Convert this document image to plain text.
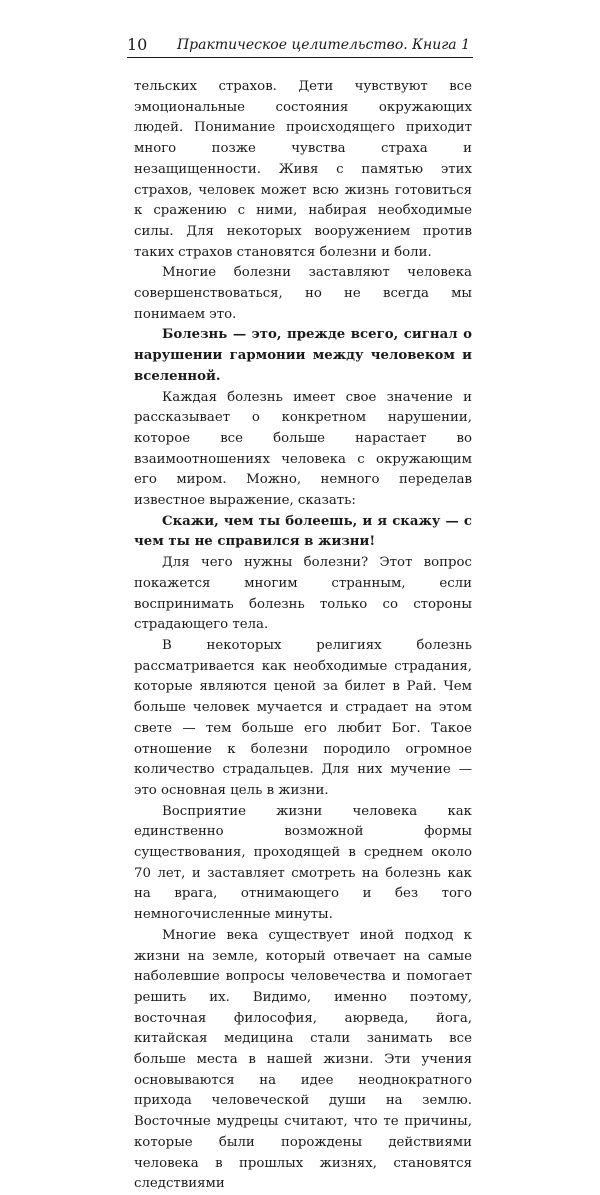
10 Практическое целительство. Книга 1

тельских страхов. Дети чувствуют все эмоциональные состояния окружающих людей. Понимание происходящего приходит много позже чувства страха и незащищенности. Живя с памятью этих страхов, человек может всю жизнь готовиться к сражению с ними, набирая необходимые силы. Для некоторых вооружением против таких страхов становятся болезни и боли.

Многие болезни заставляют человека совершенствоваться, но не всегда мы понимаем это.

Болезнь — это, прежде всего, сигнал о нарушении гармонии между человеком и вселенной.

Каждая болезнь имеет свое значение и рассказывает о конкретном нарушении, которое все больше нарастает во взаимоотношениях человека с окружающим его миром. Можно, немного переделав известное выражение, сказать:

Скажи, чем ты болеешь, и я скажу — с чем ты не справился в жизни!

Для чего нужны болезни? Этот вопрос покажется многим странным, если воспринимать болезнь только со стороны страдающего тела.

В некоторых религиях болезнь рассматривается как необходимые страдания, которые являются ценой за билет в Рай. Чем больше человек мучается и страдает на этом свете — тем больше его любит Бог. Такое отношение к болезни породило огромное количество страдальцев. Для них мучение — это основная цель в жизни.

Восприятие жизни человека как единственно возможной формы существования, проходящей в среднем около 70 лет, и заставляет смотреть на болезнь как на врага, отнимающего и без того немногочисленные минуты.

Многие века существует иной подход к жизни на земле, который отвечает на самые наболевшие вопросы человечества и помогает решить их. Видимо, именно поэтому, восточная философия, аюрведа, йога, китайская медицина стали занимать все больше места в нашей жизни. Эти учения основываются на идее неоднократного прихода человеческой души на землю. Восточные мудрецы считают, что те причины, которые были порождены действиями человека в прошлых жизнях, становятся следствиями
